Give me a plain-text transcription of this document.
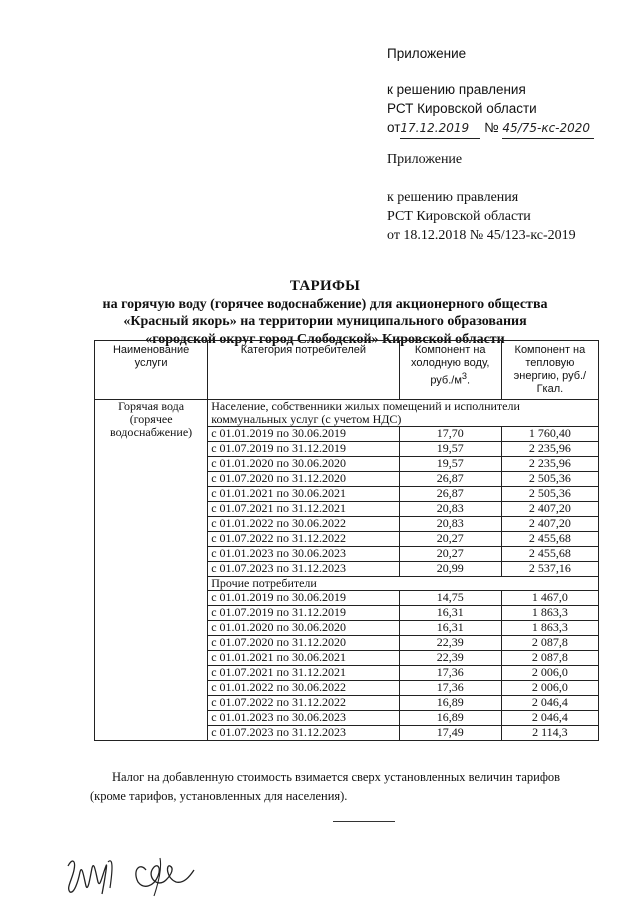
Приложение
к решению правления
РСТ Кировской области
от17.12.2019 № 45/75-кс-2020
Приложение
к решению правления
РСТ Кировской области
от 18.12.2018 № 45/123-кс-2019
ТАРИФЫ
на горячую воду (горячее водоснабжение) для акционерного общества
«Красный якорь» на территории муниципального образования
«городской округ город Слободской» Кировской области
Наименование услуги	Категория потребителей	Компонент на холодную воду, $руб./м^3$.	Компонент на тепловую энергию, руб./Гкал.
Горячая вода (горячее водоснабжение)	Население, собственники жилых помещений и исполнители коммунальных услуг (с учетом НДС)		
	с 01.01.2019 по 30.06.2019	17,70	1 760,40
	с 01.07.2019 по 31.12.2019	19,57	2 235,96
	с 01.01.2020 по 30.06.2020	19,57	2 235,96
	с 01.07.2020 по 31.12.2020	26,87	2 505,36
	с 01.01.2021 по 30.06.2021	26,87	2 505,36
	с 01.07.2021 по 31.12.2021	20,83	2 407,20
	с 01.01.2022 по 30.06.2022	20,83	2 407,20
	с 01.07.2022 по 31.12.2022	20,27	2 455,68
	с 01.01.2023 по 30.06.2023	20,27	2 455,68
	с 01.07.2023 по 31.12.2023	20,99	2 537,16
	Прочие потребители		
	с 01.01.2019 по 30.06.2019	14,75	1 467,0
	с 01.07.2019 по 31.12.2019	16,31	1 863,3
	с 01.01.2020 по 30.06.2020	16,31	1 863,3
	с 01.07.2020 по 31.12.2020	22,39	2 087,8
	с 01.01.2021 по 30.06.2021	22,39	2 087,8
	с 01.07.2021 по 31.12.2021	17,36	2 006,0
	с 01.01.2022 по 30.06.2022	17,36	2 006,0
	с 01.07.2022 по 31.12.2022	16,89	2 046,4
	с 01.01.2023 по 30.06.2023	16,89	2 046,4
	с 01.07.2023 по 31.12.2023	17,49	2 114,3
Налог на добавленную стоимость взимается сверх установленных величин тарифов
(кроме тарифов, установленных для населения).
